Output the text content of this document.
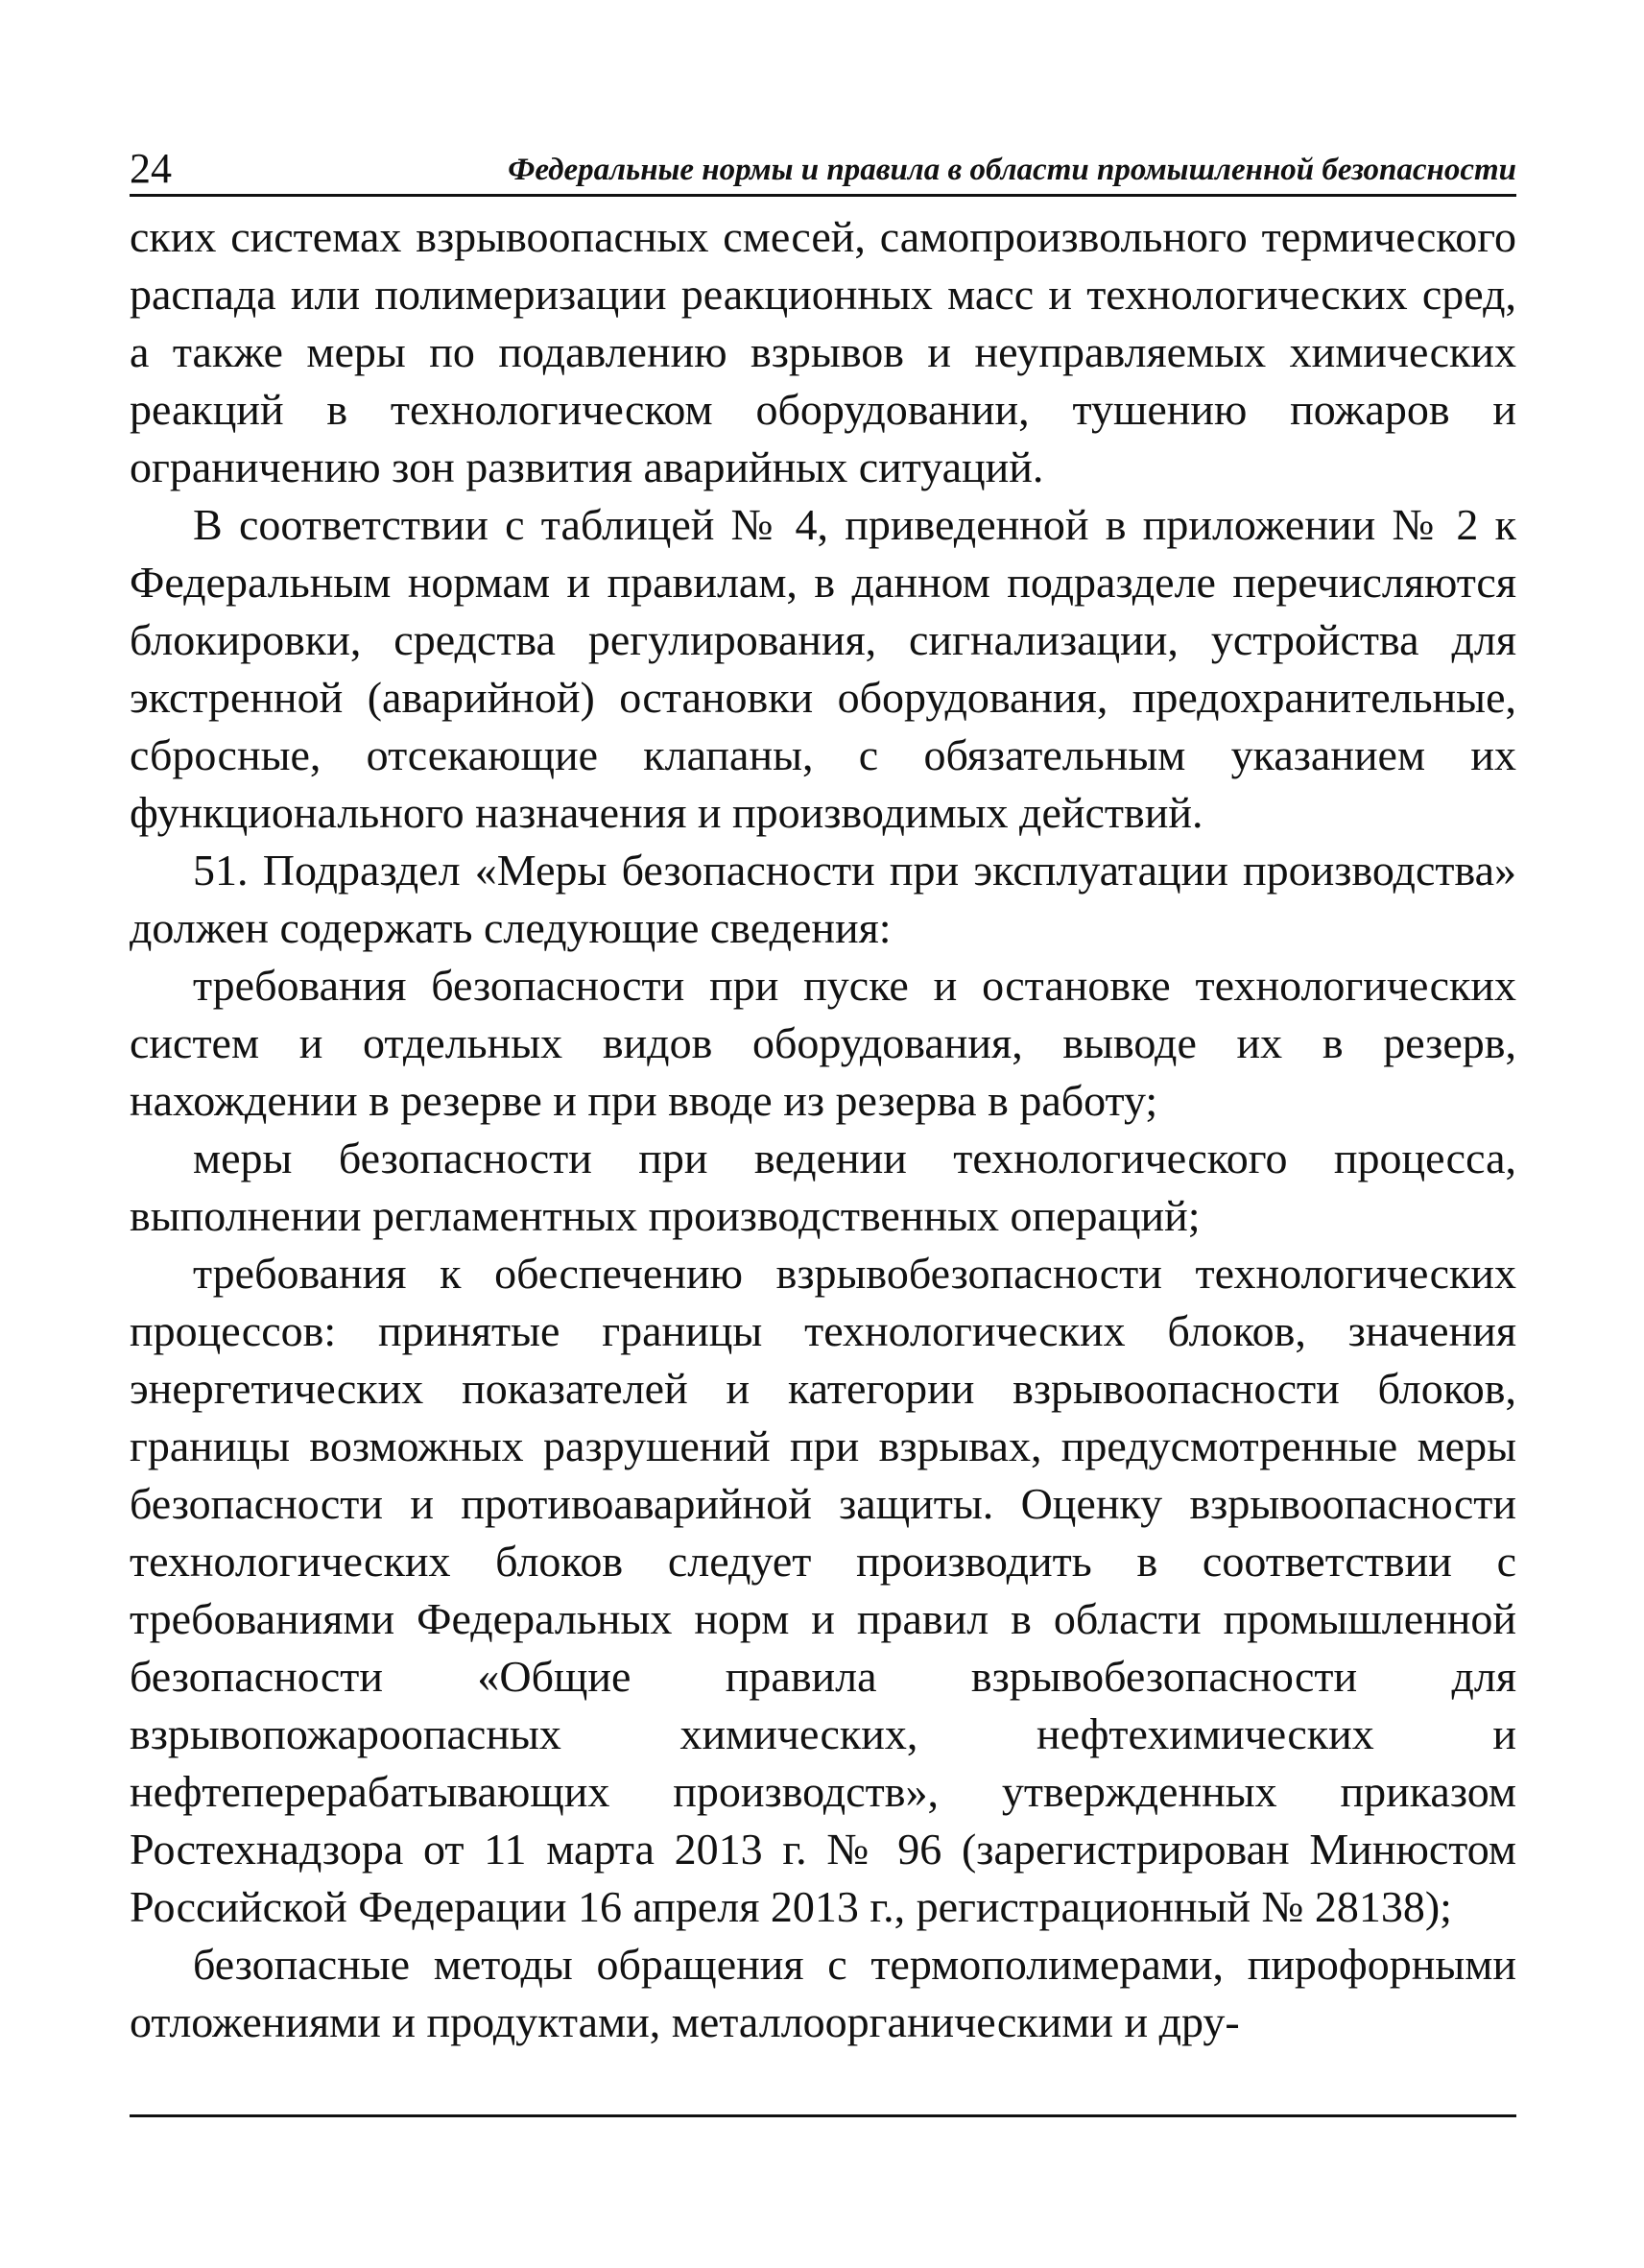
24	Федеральные нормы и правила в области промышленной безопасности

ских системах взрывоопасных смесей, самопроизвольного термического распада или полимеризации реакционных масс и технологических сред, а также меры по подавлению взрывов и неуправляемых химических реакций в технологическом оборудовании, тушению пожаров и ограничению зон развития аварийных ситуаций.

В соответствии с таблицей № 4, приведенной в приложении № 2 к Федеральным нормам и правилам, в данном подразделе перечисляются блокировки, средства регулирования, сигнализации, устройства для экстренной (аварийной) остановки оборудования, предохранительные, сбросные, отсекающие клапаны, с обязательным указанием их функционального назначения и производимых действий.

51. Подраздел «Меры безопасности при эксплуатации производства» должен содержать следующие сведения:

требования безопасности при пуске и остановке технологических систем и отдельных видов оборудования, выводе их в резерв, нахождении в резерве и при вводе из резерва в работу;

меры безопасности при ведении технологического процесса, выполнении регламентных производственных операций;

требования к обеспечению взрывобезопасности технологических процессов: принятые границы технологических блоков, значения энергетических показателей и категории взрывоопасности блоков, границы возможных разрушений при взрывах, предусмотренные меры безопасности и противоаварийной защиты. Оценку взрывоопасности технологических блоков следует производить в соответствии с требованиями Федеральных норм и правил в области промышленной безопасности «Общие правила взрывобезопасности для взрывопожароопасных химических, нефтехимических и нефтеперерабатывающих производств», утвержденных приказом Ростехнадзора от 11 марта 2013 г. № 96 (зарегистрирован Минюстом Российской Федерации 16 апреля 2013 г., регистрационный № 28138);

безопасные методы обращения с термополимерами, пирофорными отложениями и продуктами, металлоорганическими и дру-
